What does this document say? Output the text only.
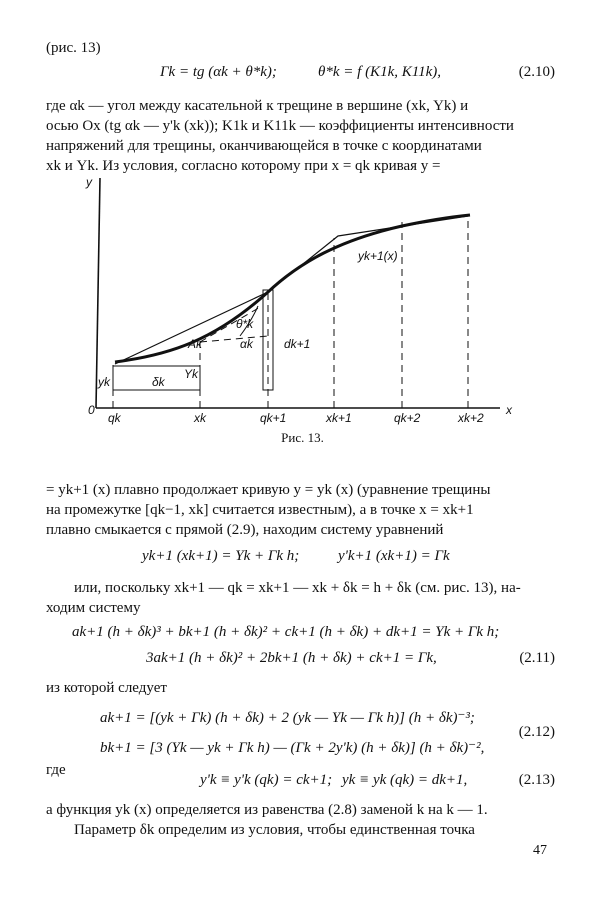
(рис. 13)
Γk = tg (αk + θ*k);	θ*k = f (K1k, K11k),	(2.10)
где αk — угол между касательной к трещине в вершине (xk, Yk) и
осью Ox (tg αk — y'k (xk)); K1k и K11k — коэффициенты интенсивности
напряжений для трещины, оканчивающейся в точке с координатами
xk и Yk. Из условия, согласно которому при x = qk кривая y =
y
x
0
yk+1(x)
Ak
θ*k
αk	dk+1
δk
Yk
yk
qk	xk	qk+1	xk+1	qk+2	xk+2
Рис. 13.
= yk+1 (x) плавно продолжает кривую y = yk (x) (уравнение трещины
на промежутке [qk−1, xk] считается известным), а в точке x = xk+1
плавно смыкается с прямой (2.9), находим систему уравнений
yk+1 (xk+1) = Yk + Γk h;	y'k+1 (xk+1) = Γk
или, поскольку xk+1 — qk = xk+1 — xk + δk = h + δk (см. рис. 13), на-
ходим систему
ak+1 (h + δk)³ + bk+1 (h + δk)² + ck+1 (h + δk) + dk+1 = Yk + Γk h;
3ak+1 (h + δk)² + 2bk+1 (h + δk) + ck+1 = Γk,	(2.11)
из которой следует
ak+1 = [(yk + Γk) (h + δk) + 2 (yk — Yk — Γk h)] (h + δk)⁻³;
(2.12)
bk+1 = [3 (Yk — yk + Γk h) — (Γk + 2y'k) (h + δk)] (h + δk)⁻²,
где
y'k ≡ y'k (qk) = ck+1; yk ≡ yk (qk) = dk+1,	(2.13)
а функция yk (x) определяется из равенства (2.8) заменой k на k — 1.
Параметр δk определим из условия, чтобы единственная точка
47
